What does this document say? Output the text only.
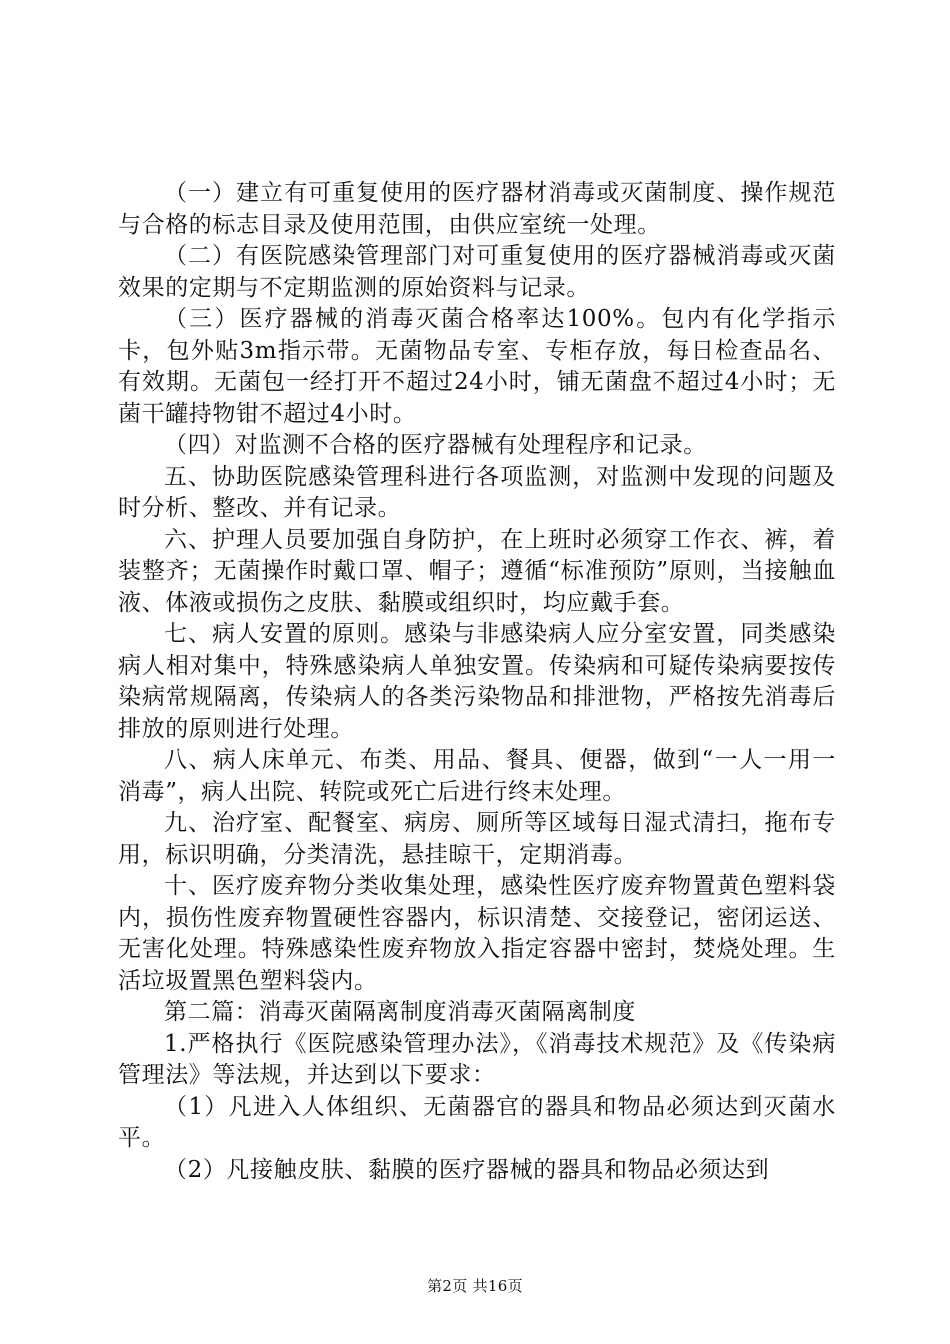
（一）建立有可重复使用的医疗器材消毒或灭菌制度、操作规范与合格的标志目录及使用范围，由供应室统一处理。

（二）有医院感染管理部门对可重复使用的医疗器械消毒或灭菌效果的定期与不定期监测的原始资料与记录。

（三）医疗器械的消毒灭菌合格率达100%。包内有化学指示卡，包外贴3m指示带。无菌物品专室、专柜存放，每日检查品名、有效期。无菌包一经打开不超过24小时，铺无菌盘不超过4小时；无菌干罐持物钳不超过4小时。

（四）对监测不合格的医疗器械有处理程序和记录。

五、协助医院感染管理科进行各项监测，对监测中发现的问题及时分析、整改、并有记录。

六、护理人员要加强自身防护，在上班时必须穿工作衣、裤，着装整齐；无菌操作时戴口罩、帽子；遵循“标准预防”原则，当接触血液、体液或损伤之皮肤、黏膜或组织时，均应戴手套。

七、病人安置的原则。感染与非感染病人应分室安置，同类感染病人相对集中，特殊感染病人单独安置。传染病和可疑传染病要按传染病常规隔离，传染病人的各类污染物品和排泄物，严格按先消毒后排放的原则进行处理。

八、病人床单元、布类、用品、餐具、便器，做到“一人一用一消毒”，病人出院、转院或死亡后进行终末处理。

九、治疗室、配餐室、病房、厕所等区域每日湿式清扫，拖布专用，标识明确，分类清洗，悬挂晾干，定期消毒。

十、医疗废弃物分类收集处理，感染性医疗废弃物置黄色塑料袋内，损伤性废弃物置硬性容器内，标识清楚、交接登记，密闭运送、无害化处理。特殊感染性废弃物放入指定容器中密封，焚烧处理。生活垃圾置黑色塑料袋内。

第二篇：消毒灭菌隔离制度消毒灭菌隔离制度

1.严格执行《医院感染管理办法》，《消毒技术规范》及《传染病管理法》等法规，并达到以下要求：

（1）凡进入人体组织、无菌器官的器具和物品必须达到灭菌水平。

（2）凡接触皮肤、黏膜的医疗器械的器具和物品必须达到

第2页 共16页
